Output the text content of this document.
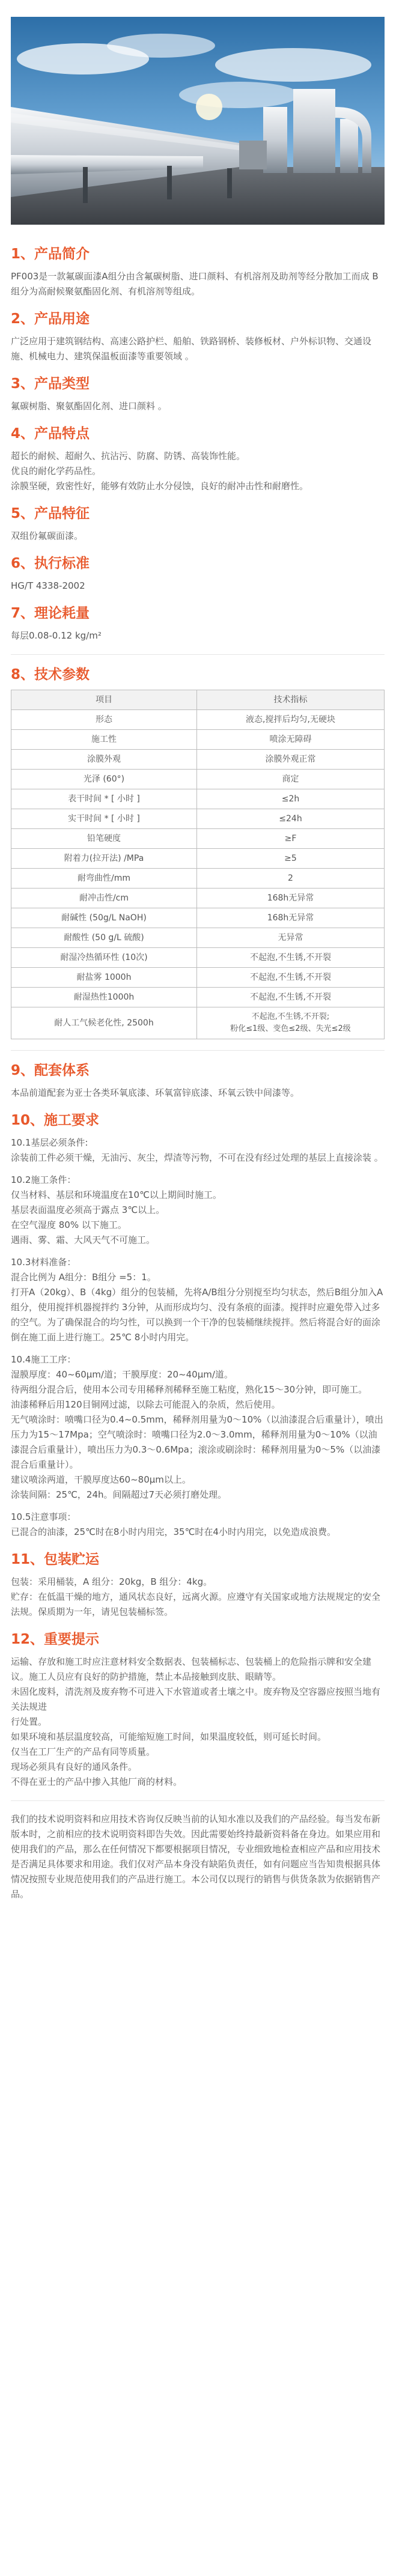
1、产品简介
PF003是一款氟碳面漆A组分由含氟碳树脂、进口颜料、有机溶剂及助剂等经分散加工而成 B 组分为高耐候聚氨酯固化剂、有机溶剂等组成。
2、产品用途
广泛应用于建筑钢结构、高速公路护栏、船舶、铁路钢桥、装修板材、户外标识物、交通设施、机械电力、建筑保温板面漆等重要领域 。
3、产品类型
氟碳树脂、聚氨酯固化剂、进口颜料 。
4、产品特点

超长的耐候、超耐久、抗沾污、防腐、防锈、高装饰性能。

优良的耐化学药品性。

涂膜坚硬，致密性好，能够有效防止水分侵蚀，良好的耐冲击性和耐磨性。

5、产品特征
双组份氟碳面漆。
6、执行标准
HG/T 4338-2002
7、理论耗量
每层0.08-0.12 kg/m²
8、技术参数
项目	技术指标
形态	液态,搅拌后均匀,无硬块
施工性	喷涂无障碍
涂膜外观	涂膜外观正常
光泽 (60°)	商定
表干时间 * [ 小时 ]	≤2h
实干时间 * [ 小时 ]	≤24h
铅笔硬度	≥F
附着力(拉开法) /MPa	≥5
耐弯曲性/mm	2
耐冲击性/cm	168h无异常
耐碱性 (50g/L NaOH)	168h无异常
耐酸性 (50 g/L 硫酸)	无异常
耐湿冷热循环性 (10次)	不起泡,不生锈,不开裂
耐盐雾 1000h	不起泡,不生锈,不开裂
耐湿热性1000h	不起泡,不生锈,不开裂
耐人工气候老化性, 2500h	不起泡,不生锈,不开裂;
粉化≤1级、变色≤2级、失光≤2级
9、配套体系
本品前道配套为亚士各类环氧底漆、环氧富锌底漆、环氧云铁中间漆等。
10、施工要求

10.1基层必须条件:

涂装前工件必须干燥，无油污、灰尘，焊渣等污物，不可在没有经过处理的基层上直接涂装 。

10.2施工条件：

仅当材料、基层和环境温度在10℃以上期间时施工。

基层表面温度必须高于露点 3℃以上。

在空气湿度 80% 以下施工。

遇雨、雾、霜、大风天气不可施工。

10.3材料准备：

混合比例为 A组分：B组分 =5：1。

打开A（20kg）、B（4kg）组分的包装桶，先将A/B组分分别搅至均匀状态，然后B组分加入A组分，使用搅拌机器搅拌约 3分钟，从而形成均匀、没有条痕的面漆。搅拌时应避免带入过多的空气。为了确保混合的均匀性，可以换到一个干净的包装桶继续搅拌。然后将混合好的面涂倒在施工面上进行施工。25℃ 8小时内用完。

10.4施工工序：

湿膜厚度：40~60μm/道；干膜厚度：20~40μm/道。

待两组分混合后，使用本公司专用稀释剂稀释至施工粘度，熟化15～30分钟，即可施工。

油漆稀释后用120目铜网过滤，以除去可能混入的杂质，然后使用。

无气喷涂时：喷嘴口径为0.4~0.5mm，稀释剂用量为0～10%（以油漆混合后重量计），喷出压力为15～17Mpa；空气喷涂时：喷嘴口径为2.0～3.0mm，稀释剂用量为0～10%（以油漆混合后重量计），喷出压力为0.3～0.6Mpa；滚涂或刷涂时：稀释剂用量为0～5%（以油漆混合后重量计）。

建议喷涂两道，干膜厚度达60~80μm以上。

涂装间隔：25℃，24h。间隔超过7天必须打磨处理。

10.5注意事项：

已混合的油漆，25℃时在8小时内用完，35℃时在4小时内用完，以免造成浪费。

11、包装贮运

包装：采用桶装，A 组分：20kg，B 组分：4kg。

贮存：在低温干燥的地方，通风状态良好，远离火源。应遵守有关国家或地方法规规定的安全法规。保质期为一年，请见包装桶标签。

12、重要提示

运输、存放和施工时应注意材料安全数据表、包装桶标志、包装桶上的危险指示牌和安全建议。施工人员应有良好的防护措施，禁止本品接触到皮肤、眼睛等。

未固化废料，清洗剂及废弃物不可进入下水管道或者土壤之中。废弃物及空容器应按照当地有关法规进

行处置。

如果环境和基层温度较高，可能缩短施工时间，如果温度较低，则可延长时间。

仅当在工厂生产的产品有同等质量。

现场必须具有良好的通风条件。

不得在亚士的产品中掺入其他厂商的材料。

我们的技术说明资料和应用技术咨询仅反映当前的认知水准以及我们的产品经验。每当发布新版本时，之前相应的技术说明资料即告失效。因此需要始终持最新资料备在身边。如果应用和使用我们的产品，那么在任何情况下都要根据项目情况，专业细致地检查相应产品和应用技术是否满足具体要求和用途。我们仅对产品本身没有缺陷负责任，如有问题应当告知贵根据具体情况按照专业规范使用我们的产品进行施工。本公司仅以现行的销售与供货条款为依据销售产品。
